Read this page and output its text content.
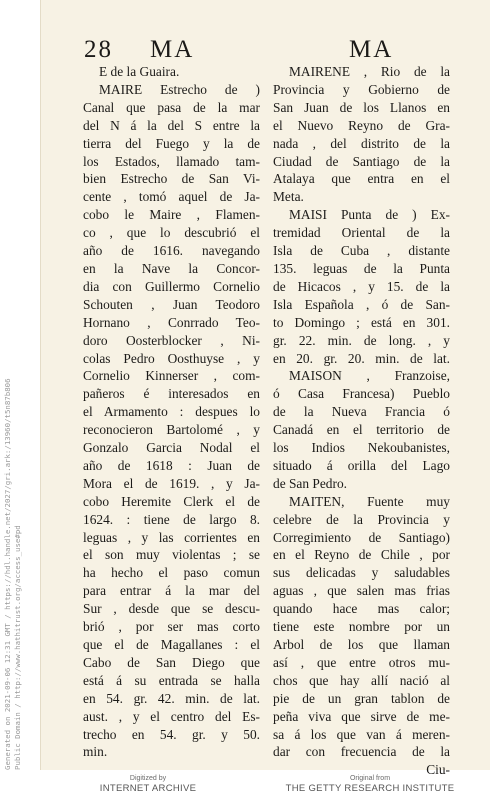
Generated on 2021-09-06 12:31 GMT / https://hdl.handle.net/2027/gri.ark:/13960/t5n87b806 Public Domain / http://www.hathitrust.org/access_use#pd
28 MA	MA
E de la Guaira.
MAIRE Estrecho de )
Canal que pasa de la mar
del N á la del S entre la
tierra del Fuego y la de
los Estados, llamado tam-
bien Estrecho de San Vi-
cente , tomó aquel de Ja-
cobo le Maire , Flamen-
co , que lo descubrió el
año de 1616. navegando
en la Nave la Concor-
dia con Guillermo Cornelio
Schouten , Juan Teodoro
Hornano , Conrrado Teo-
doro Oosterblocker , Ni-
colas Pedro Oosthuyse , y
Cornelio Kinnerser , com-
pañeros é interesados en
el Armamento : despues lo
reconocieron Bartolomé , y
Gonzalo Garcia Nodal el
año de 1618 : Juan de
Mora el de 1619. , y Ja-
cobo Heremite Clerk el de
1624. : tiene de largo 8.
leguas , y las corrientes en
el son muy violentas ; se
ha hecho el paso comun
para entrar á la mar del
Sur , desde que se descu-
brió , por ser mas corto
que el de Magallanes : el
Cabo de San Diego que
está á su entrada se halla
en 54. gr. 42. min. de lat.
aust. , y el centro del Es-
trecho en 54. gr. y 50.
min.
MAIRENE , Rio de la
Provincia y Gobierno de
San Juan de los Llanos en
el Nuevo Reyno de Gra-
nada , del distrito de la
Ciudad de Santiago de la
Atalaya que entra en el
Meta.
MAISI Punta de ) Ex-
tremidad Oriental de la
Isla de Cuba , distante
135. leguas de la Punta
de Hicacos , y 15. de la
Isla Española , ó de San-
to Domingo ; está en 301.
gr. 22. min. de long. , y
en 20. gr. 20. min. de lat.
MAISON , Franzoise,
ó Casa Francesa) Pueblo
de la Nueva Francia ó
Canadá en el territorio de
los Indios Nekoubanistes,
situado á orilla del Lago
de San Pedro.
MAITEN, Fuente muy
celebre de la Provincia y
Corregimiento de Santiago)
en el Reyno de Chile , por
sus delicadas y saludables
aguas , que salen mas frias
quando hace mas calor;
tiene este nombre por un
Arbol de los que llaman
así , que entre otros mu-
chos que hay allí nació al
pie de un gran tablon de
peña viva que sirve de me-
sa á los que van á meren-
dar con frecuencia de la
Ciu-
Digitized by
INTERNET ARCHIVE
Original from
THE GETTY RESEARCH INSTITUTE
